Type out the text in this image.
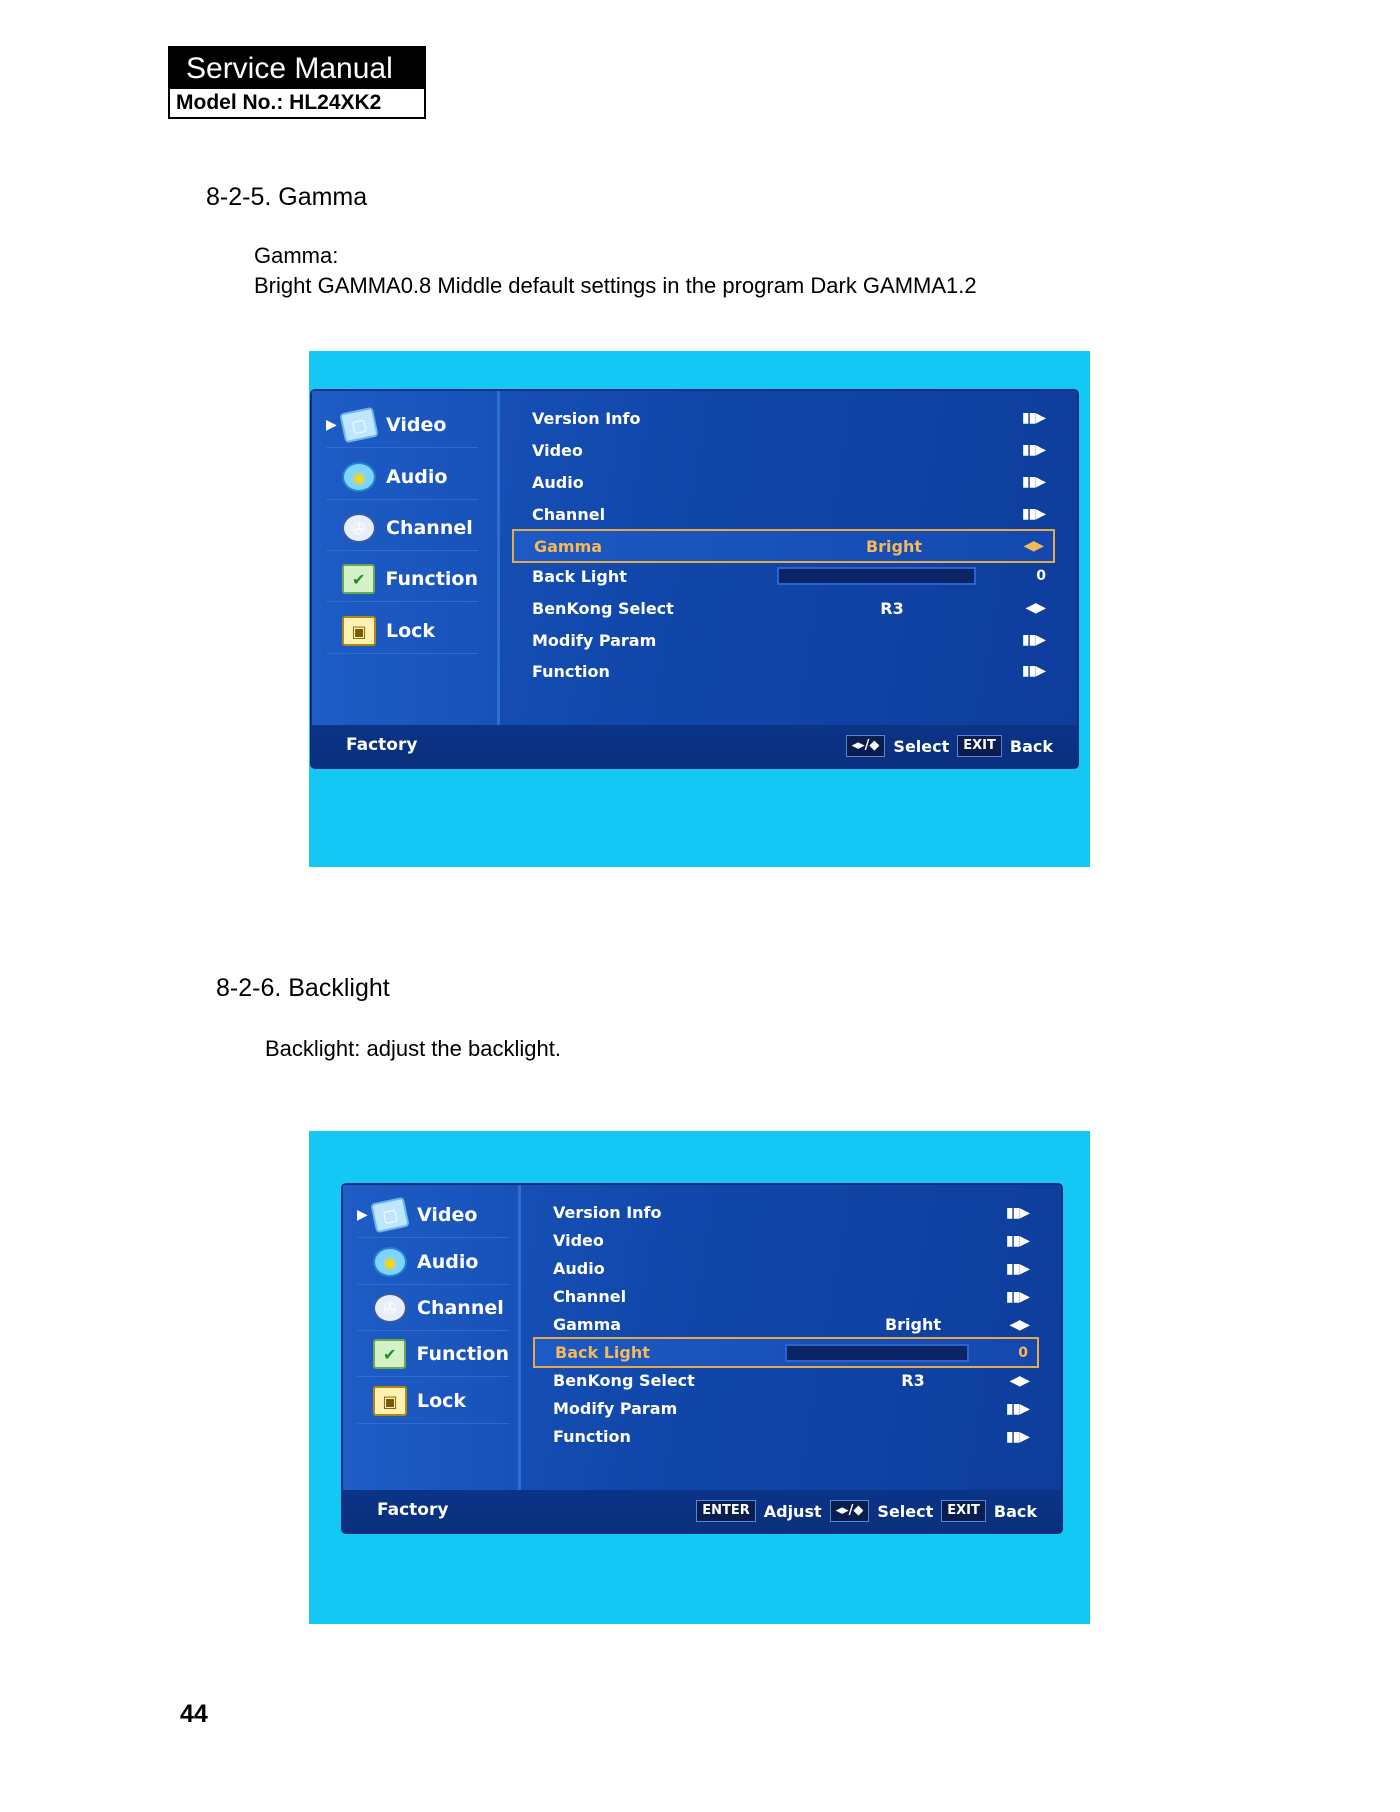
Service Manual
Model No.: HL24XK2
8-2-5. Gamma
Gamma:
Bright GAMMA0.8 Middle default settings in the program Dark GAMMA1.2
▶ ▢ Video
◉	Audio
✇	Channel
✔	Function
▣	Lock
Version Info	▮▮▶
Video	▮▮▶
Audio	▮▮▶
Channel	▮▮▶
Gamma	Bright	◀▶
Back Light	0
BenKong Select	R3	◀▶
Modify Param	▮▮▶
Function	▮▮▶
Factory	◂▸/◆ Select	EXIT Back
8-2-6. Backlight
Backlight: adjust the backlight.
▶ ▢ Video
◉	Audio
✇	Channel
✔	Function
▣	Lock
Version Info	▮▮▶
Video	▮▮▶
Audio	▮▮▶
Channel	▮▮▶
Gamma	Bright	◀▶
Back Light	0
BenKong Select	R3	◀▶
Modify Param	▮▮▶
Function	▮▮▶
Factory	ENTER Adjust	◂▸/◆ Select	EXIT Back
44
